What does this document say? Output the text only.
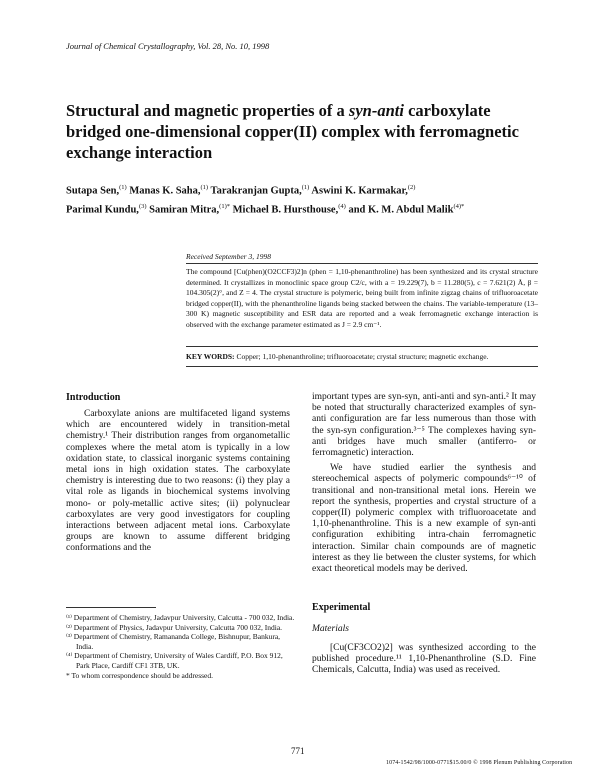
Journal of Chemical Crystallography, Vol. 28, No. 10, 1998
Structural and magnetic properties of a syn-anti carboxylate bridged one-dimensional copper(II) complex with ferromagnetic exchange interaction
Sutapa Sen,$^{(1)}$ Manas K. Saha,$^{(1)}$ Tarakranjan Gupta,$^{(1)}$ Aswini K. Karmakar,$^{(2)}$
Parimal Kundu,$^{(3)}$ Samiran Mitra,$^{(1)*}$ Michael B. Hursthouse,$^{(4)}$ and K. M. Abdul Malik$^{(4)*}$
Received September 3, 1998
The compound [Cu(phen)(O2CCF3)2]n (phen = 1,10-phenanthroline) has been synthesized and its crystal structure determined. It crystallizes in monoclinic space group C2/c, with a = 19.229(7), b = 11.280(5), c = 7.621(2) Å, β = 104.305(2)°, and Z = 4. The crystal structure is polymeric, being built from infinite zigzag chains of trifluoroacetate bridged copper(II), with the phenanthroline ligands being stacked between the chains. The variable-temperature (13–300 K) magnetic susceptibility and ESR data are reported and a weak ferromagnetic exchange interaction is observed with the exchange parameter estimated as J = 2.9 cm⁻¹.
KEY WORDS: Copper; 1,10-phenanthroline; trifluoroacetate; crystal structure; magnetic exchange.
Introduction

Carboxylate anions are multifaceted ligand systems which are encountered widely in transition-metal chemistry.¹ Their distribution ranges from organometallic complexes where the metal atom is typically in a low oxidation state, to classical inorganic systems containing metal ions in high oxidation states. The carboxylate chemistry is interesting due to two reasons: (i) they play a vital role as ligands in biochemical systems involving mono- or poly-metallic active sites; (ii) polynuclear carboxylates are very good investigators for coupling interactions between adjacent metal ions. Carboxylate groups are known to assume different bridging conformations and the

important types are syn-syn, anti-anti and syn-anti.² It may be noted that structurally characterized examples of syn-anti configuration are far less numerous than those with the syn-syn configuration.³⁻⁵ The complexes having syn-anti bridges have much smaller (antiferro- or ferromagnetic) interaction.

We have studied earlier the synthesis and stereochemical aspects of polymeric compounds⁶⁻¹⁰ of transitional and non-transitional metal ions. Herein we report the synthesis, properties and crystal structure of a copper(II) polymeric complex with trifluoroacetate and 1,10-phenanthroline. This is a new example of syn-anti configuration exhibiting intra-chain ferromagnetic interaction. Similar chain compounds are of magnetic interest as they lie between the cluster systems, for which exact theoretical models may be derived.

Experimental
Materials

[Cu(CF3CO2)2] was synthesized according to the published procedure.¹¹ 1,10-Phenanthroline (S.D. Fine Chemicals, Calcutta, India) was used as received.

⁽¹⁾ Department of Chemistry, Jadavpur University, Calcutta - 700 032, India.
⁽²⁾ Department of Physics, Jadavpur University, Calcutta 700 032, India.
⁽³⁾ Department of Chemistry, Ramananda College, Bishnupur, Bankura, India.
⁽⁴⁾ Department of Chemistry, University of Wales Cardiff, P.O. Box 912, Park Place, Cardiff CF1 3TB, UK.
* To whom correspondence should be addressed.
771
1074-1542/98/1000-0771$15.00/0 © 1998 Plenum Publishing Corporation
